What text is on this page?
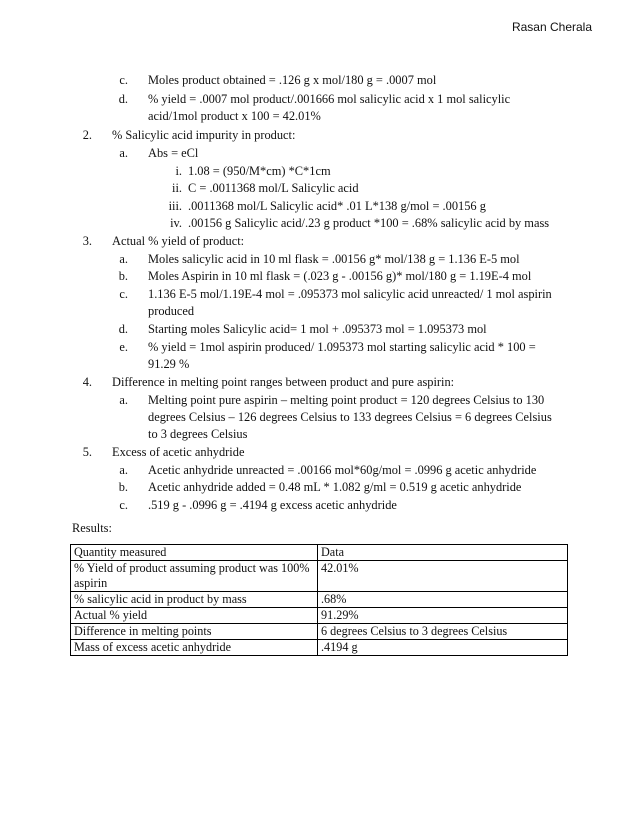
Rasan Cherala
c. Moles product obtained = .126 g x mol/180 g = .0007 mol
d. % yield = .0007 mol product/.001666 mol salicylic acid x 1 mol salicylic
acid/1mol product x 100 = 42.01%
2. % Salicylic acid impurity in product:
a. Abs = eCl
i. 1.08 = (950/M*cm) *C*1cm
ii. C = .0011368 mol/L Salicylic acid
iii. .0011368 mol/L Salicylic acid* .01 L*138 g/mol = .00156 g
iv. .00156 g Salicylic acid/.23 g product *100 = .68% salicylic acid by mass
3. Actual % yield of product:
a. Moles salicylic acid in 10 ml flask = .00156 g* mol/138 g = 1.136 E-5 mol
b. Moles Aspirin in 10 ml flask = (.023 g - .00156 g)* mol/180 g = 1.19E-4 mol
c. 1.136 E-5 mol/1.19E-4 mol = .095373 mol salicylic acid unreacted/ 1 mol aspirin
produced
d. Starting moles Salicylic acid= 1 mol + .095373 mol = 1.095373 mol
e. % yield = 1mol aspirin produced/ 1.095373 mol starting salicylic acid * 100 =
91.29 %
4. Difference in melting point ranges between product and pure aspirin:
a. Melting point pure aspirin – melting point product = 120 degrees Celsius to 130
degrees Celsius – 126 degrees Celsius to 133 degrees Celsius = 6 degrees Celsius
to 3 degrees Celsius
5. Excess of acetic anhydride
a. Acetic anhydride unreacted = .00166 mol*60g/mol = .0996 g acetic anhydride
b. Acetic anhydride added = 0.48 mL * 1.082 g/ml = 0.519 g acetic anhydride
c. .519 g - .0996 g = .4194 g excess acetic anhydride
Results:
Quantity measured	Data
% Yield of product assuming product was 100% aspirin	42.01%
% salicylic acid in product by mass	.68%
Actual % yield	91.29%
Difference in melting points	6 degrees Celsius to 3 degrees Celsius
Mass of excess acetic anhydride	.4194 g
